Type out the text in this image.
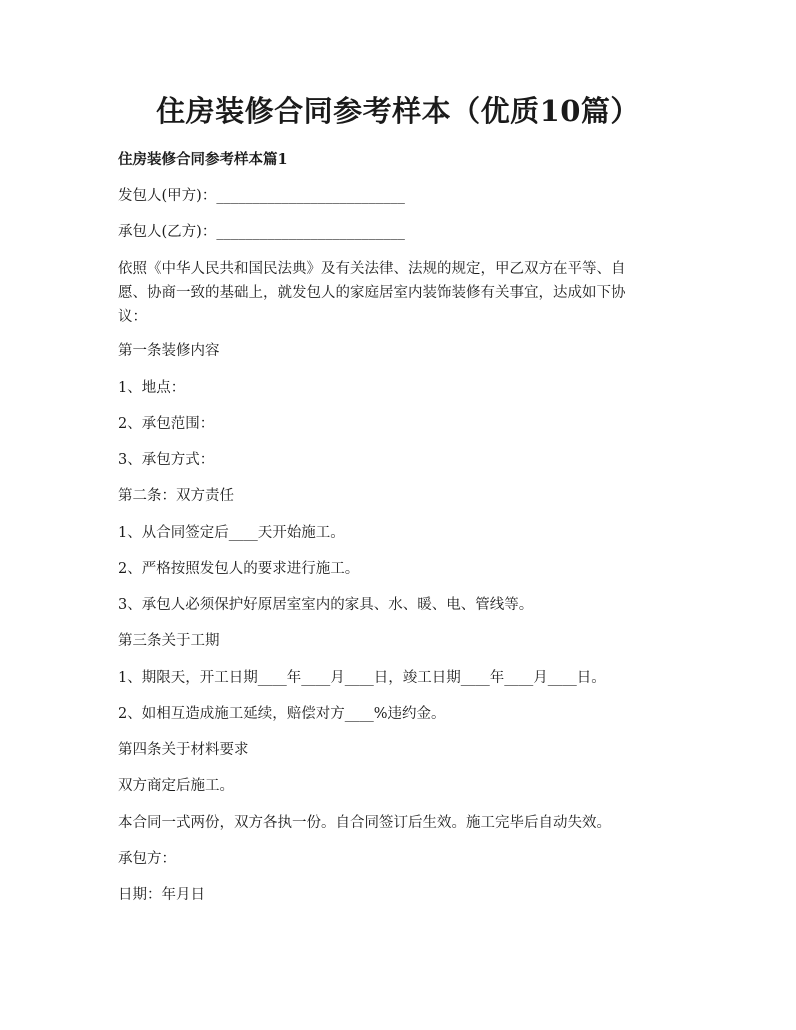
住房装修合同参考样本（优质10篇）
住房装修合同参考样本篇1
发包人(甲方)：__________________________
承包人(乙方)：__________________________
依照《中华人民共和国民法典》及有关法律、法规的规定，甲乙双方在平等、自
愿、协商一致的基础上，就发包人的家庭居室内装饰装修有关事宜，达成如下协
议：
第一条装修内容
1、地点：
2、承包范围：
3、承包方式：
第二条：双方责任
1、从合同签定后____天开始施工。
2、严格按照发包人的要求进行施工。
3、承包人必须保护好原居室室内的家具、水、暖、电、管线等。
第三条关于工期
1、期限天，开工日期____年____月____日，竣工日期____年____月____日。
2、如相互造成施工延续，赔偿对方____%违约金。
第四条关于材料要求
双方商定后施工。
本合同一式两份，双方各执一份。自合同签订后生效。施工完毕后自动失效。
承包方：
日期：年月日
